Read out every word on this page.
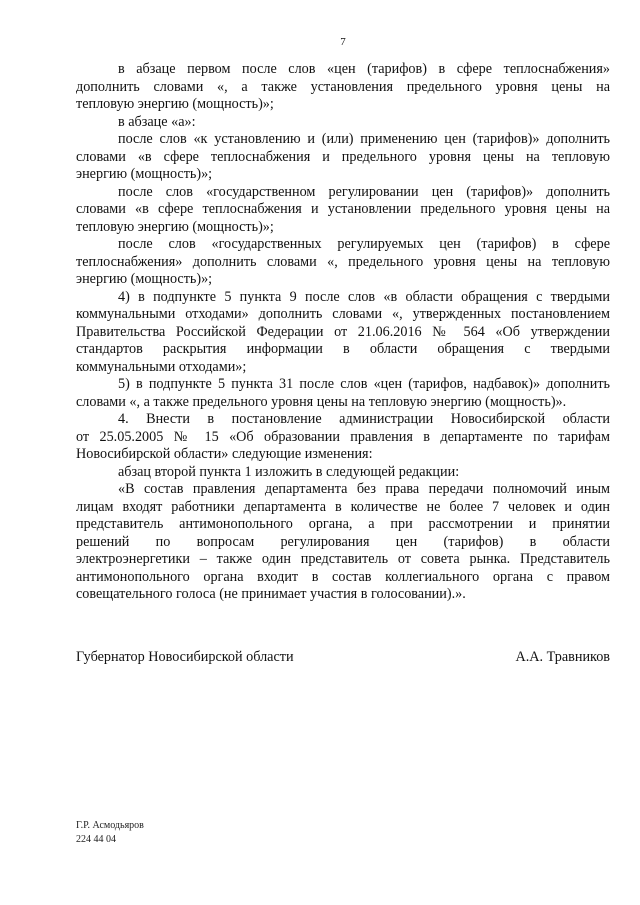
7
в абзаце первом после слов «цен (тарифов) в сфере теплоснабжения»
дополнить словами «, а также установления предельного уровня цены на
тепловую энергию (мощность)»;
в абзаце «а»:
после слов «к установлению и (или) применению цен (тарифов)» дополнить
словами «в сфере теплоснабжения и предельного уровня цены на тепловую
энергию (мощность)»;
после слов «государственном регулировании цен (тарифов)» дополнить
словами «в сфере теплоснабжения и установлении предельного уровня цены на
тепловую энергию (мощность)»;
после слов «государственных регулируемых цен (тарифов) в сфере
теплоснабжения» дополнить словами «, предельного уровня цены на тепловую
энергию (мощность)»;
4) в подпункте 5 пункта 9 после слов «в области обращения с твердыми
коммунальными отходами» дополнить словами «, утвержденных постановлением
Правительства Российской Федерации от 21.06.2016 № 564 «Об утверждении
стандартов раскрытия информации в области обращения с твердыми
коммунальными отходами»;
5) в подпункте 5 пункта 31 после слов «цен (тарифов, надбавок)» дополнить
словами «, а также предельного уровня цены на тепловую энергию (мощность)».
4. Внести в постановление администрации Новосибирской области
от 25.05.2005 № 15 «Об образовании правления в департаменте по тарифам
Новосибирской области» следующие изменения:
абзац второй пункта 1 изложить в следующей редакции:
«В состав правления департамента без права передачи полномочий иным
лицам входят работники департамента в количестве не более 7 человек и один
представитель антимонопольного органа, а при рассмотрении и принятии
решений по вопросам регулирования цен (тарифов) в области
электроэнергетики – также один представитель от совета рынка. Представитель
антимонопольного органа входит в состав коллегиального органа с правом
совещательного голоса (не принимает участия в голосовании).».
Губернатор Новосибирской области	А.А. Травников
Г.Р. Асмодьяров
224 44 04
